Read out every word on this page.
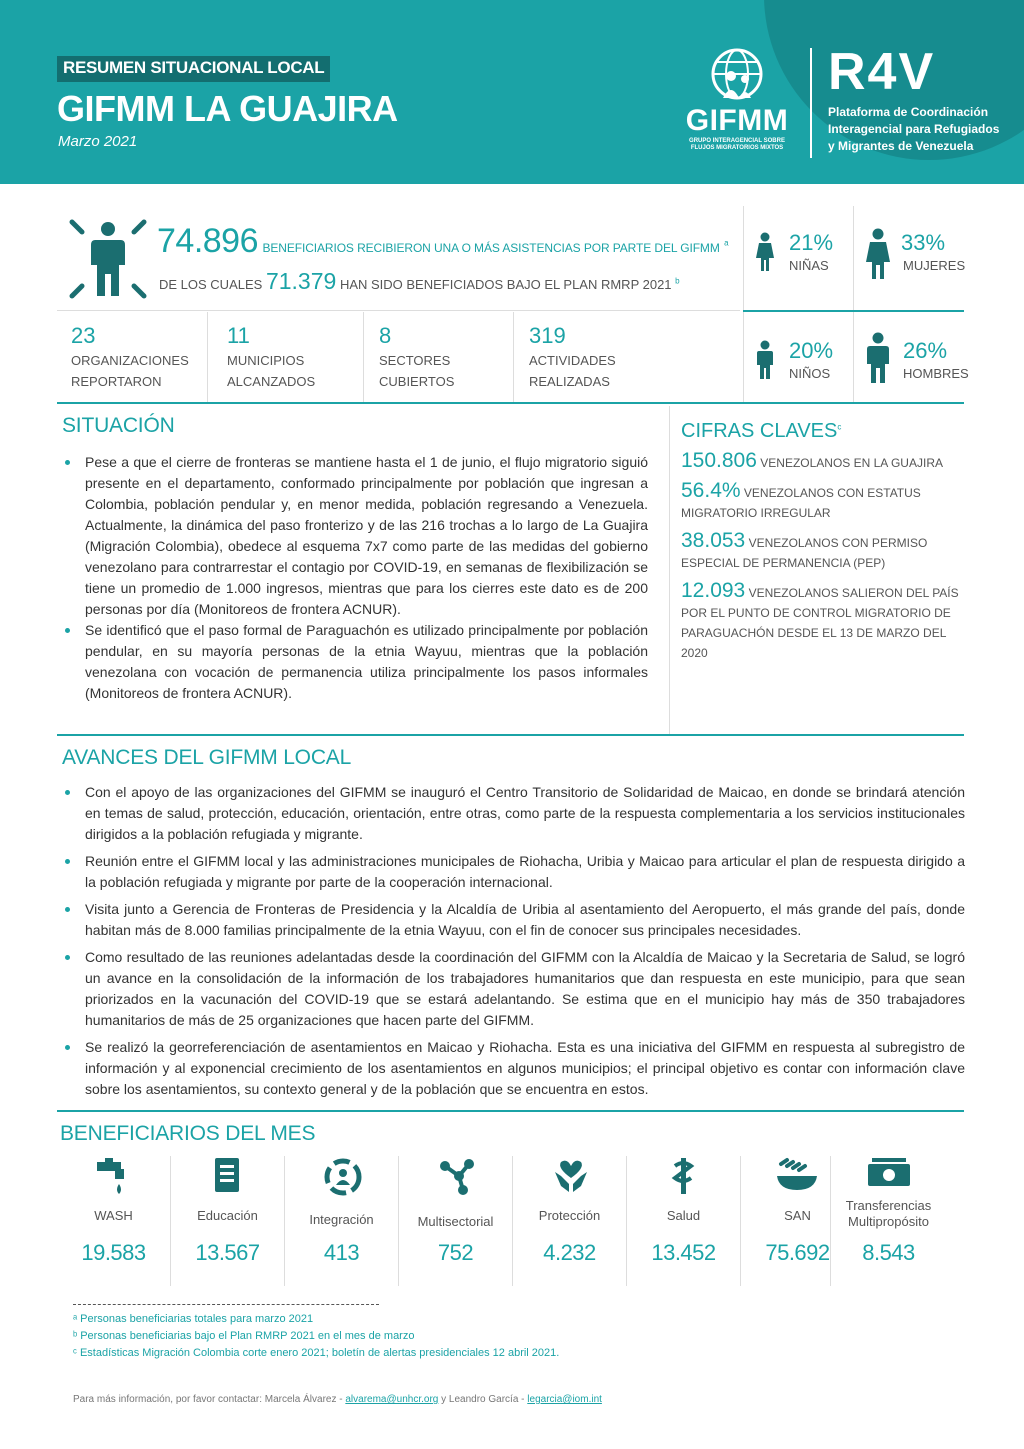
RESUMEN SITUACIONAL LOCAL
GIFMM LA GUAJIRA
Marzo 2021
GIFMM
GRUPO INTERAGENCIAL SOBRE FLUJOS MIGRATORIOS MIXTOS
R4V
Plataforma de Coordinación
Interagencial para Refugiados
y Migrantes de Venezuela
74.896 BENEFICIARIOS RECIBIERON UNA O MÁS ASISTENCIAS POR PARTE DEL GIFMM $^a$
DE LOS CUALES 71.379 HAN SIDO BENEFICIADOS BAJO EL PLAN RMRP 2021 $^b$
23
ORGANIZACIONES
REPORTARON
11
MUNICIPIOS
ALCANZADOS
8
SECTORES
CUBIERTOS
319
ACTIVIDADES
REALIZADAS
21%
NIÑAS
33%
MUJERES
20%
NIÑOS
26%
HOMBRES
SITUACIÓN
Pese a que el cierre de fronteras se mantiene hasta el 1 de junio, el flujo migratorio siguió presente en el departamento, conformado principalmente por población que ingresan a Colombia, población pendular y, en menor medida, población regresando a Venezuela. Actualmente, la dinámica del paso fronterizo y de las 216 trochas a lo largo de La Guajira (Migración Colombia), obedece al esquema 7x7 como parte de las medidas del gobierno venezolano para contrarrestar el contagio por COVID-19, en semanas de flexibilización se tiene un promedio de 1.000 ingresos, mientras que para los cierres este dato es de 200 personas por día (Monitoreos de frontera ACNUR).
Se identificó que el paso formal de Paraguachón es utilizado principalmente por población pendular, en su mayoría personas de la etnia Wayuu, mientras que la población venezolana con vocación de permanencia utiliza principalmente los pasos informales (Monitoreos de frontera ACNUR).
CIFRAS CLAVES$^c$
150.806 VENEZOLANOS EN LA GUAJIRA
56.4% VENEZOLANOS CON ESTATUS MIGRATORIO IRREGULAR
38.053 VENEZOLANOS CON PERMISO ESPECIAL DE PERMANENCIA (PEP)
12.093 VENEZOLANOS SALIERON DEL PAÍS POR EL PUNTO DE CONTROL MIGRATORIO DE PARAGUACHÓN DESDE EL 13 DE MARZO DEL 2020
AVANCES DEL GIFMM LOCAL
Con el apoyo de las organizaciones del GIFMM se inauguró el Centro Transitorio de Solidaridad de Maicao, en donde se brindará atención en temas de salud, protección, educación, orientación, entre otras, como parte de la respuesta complementaria a los servicios institucionales dirigidos a la población refugiada y migrante.
Reunión entre el GIFMM local y las administraciones municipales de Riohacha, Uribia y Maicao para articular el plan de respuesta dirigido a la población refugiada y migrante por parte de la cooperación internacional.
Visita junto a Gerencia de Fronteras de Presidencia y la Alcaldía de Uribia al asentamiento del Aeropuerto, el más grande del país, donde habitan más de 8.000 familias principalmente de la etnia Wayuu, con el fin de conocer sus principales necesidades.
Como resultado de las reuniones adelantadas desde la coordinación del GIFMM con la Alcaldía de Maicao y la Secretaria de Salud, se logró un avance en la consolidación de la información de los trabajadores humanitarios que dan respuesta en este municipio, para que sean priorizados en la vacunación del COVID-19 que se estará adelantando. Se estima que en el municipio hay más de 350 trabajadores humanitarios de más de 25 organizaciones que hacen parte del GIFMM.
Se realizó la georreferenciación de asentamientos en Maicao y Riohacha. Esta es una iniciativa del GIFMM en respuesta al subregistro de información y al exponencial crecimiento de los asentamientos en algunos municipios; el principal objetivo es contar con información clave sobre los asentamientos, su contexto general y de la población que se encuentra en estos.
BENEFICIARIOS DEL MES
WASH
19.583
Educación
13.567
Integración
413
Multisectorial
752
Protección
4.232
Salud
13.452
SAN
75.692
Transferencias Multipropósito
8.543
ᵃ Personas beneficiarias totales para marzo 2021
ᵇ Personas beneficiarias bajo el Plan RMRP 2021 en el mes de marzo
ᶜ Estadísticas Migración Colombia corte enero 2021; boletín de alertas presidenciales 12 abril 2021.
Para más información, por favor contactar: Marcela Álvarez - alvarema@unhcr.org y Leandro García - legarcia@iom.int
